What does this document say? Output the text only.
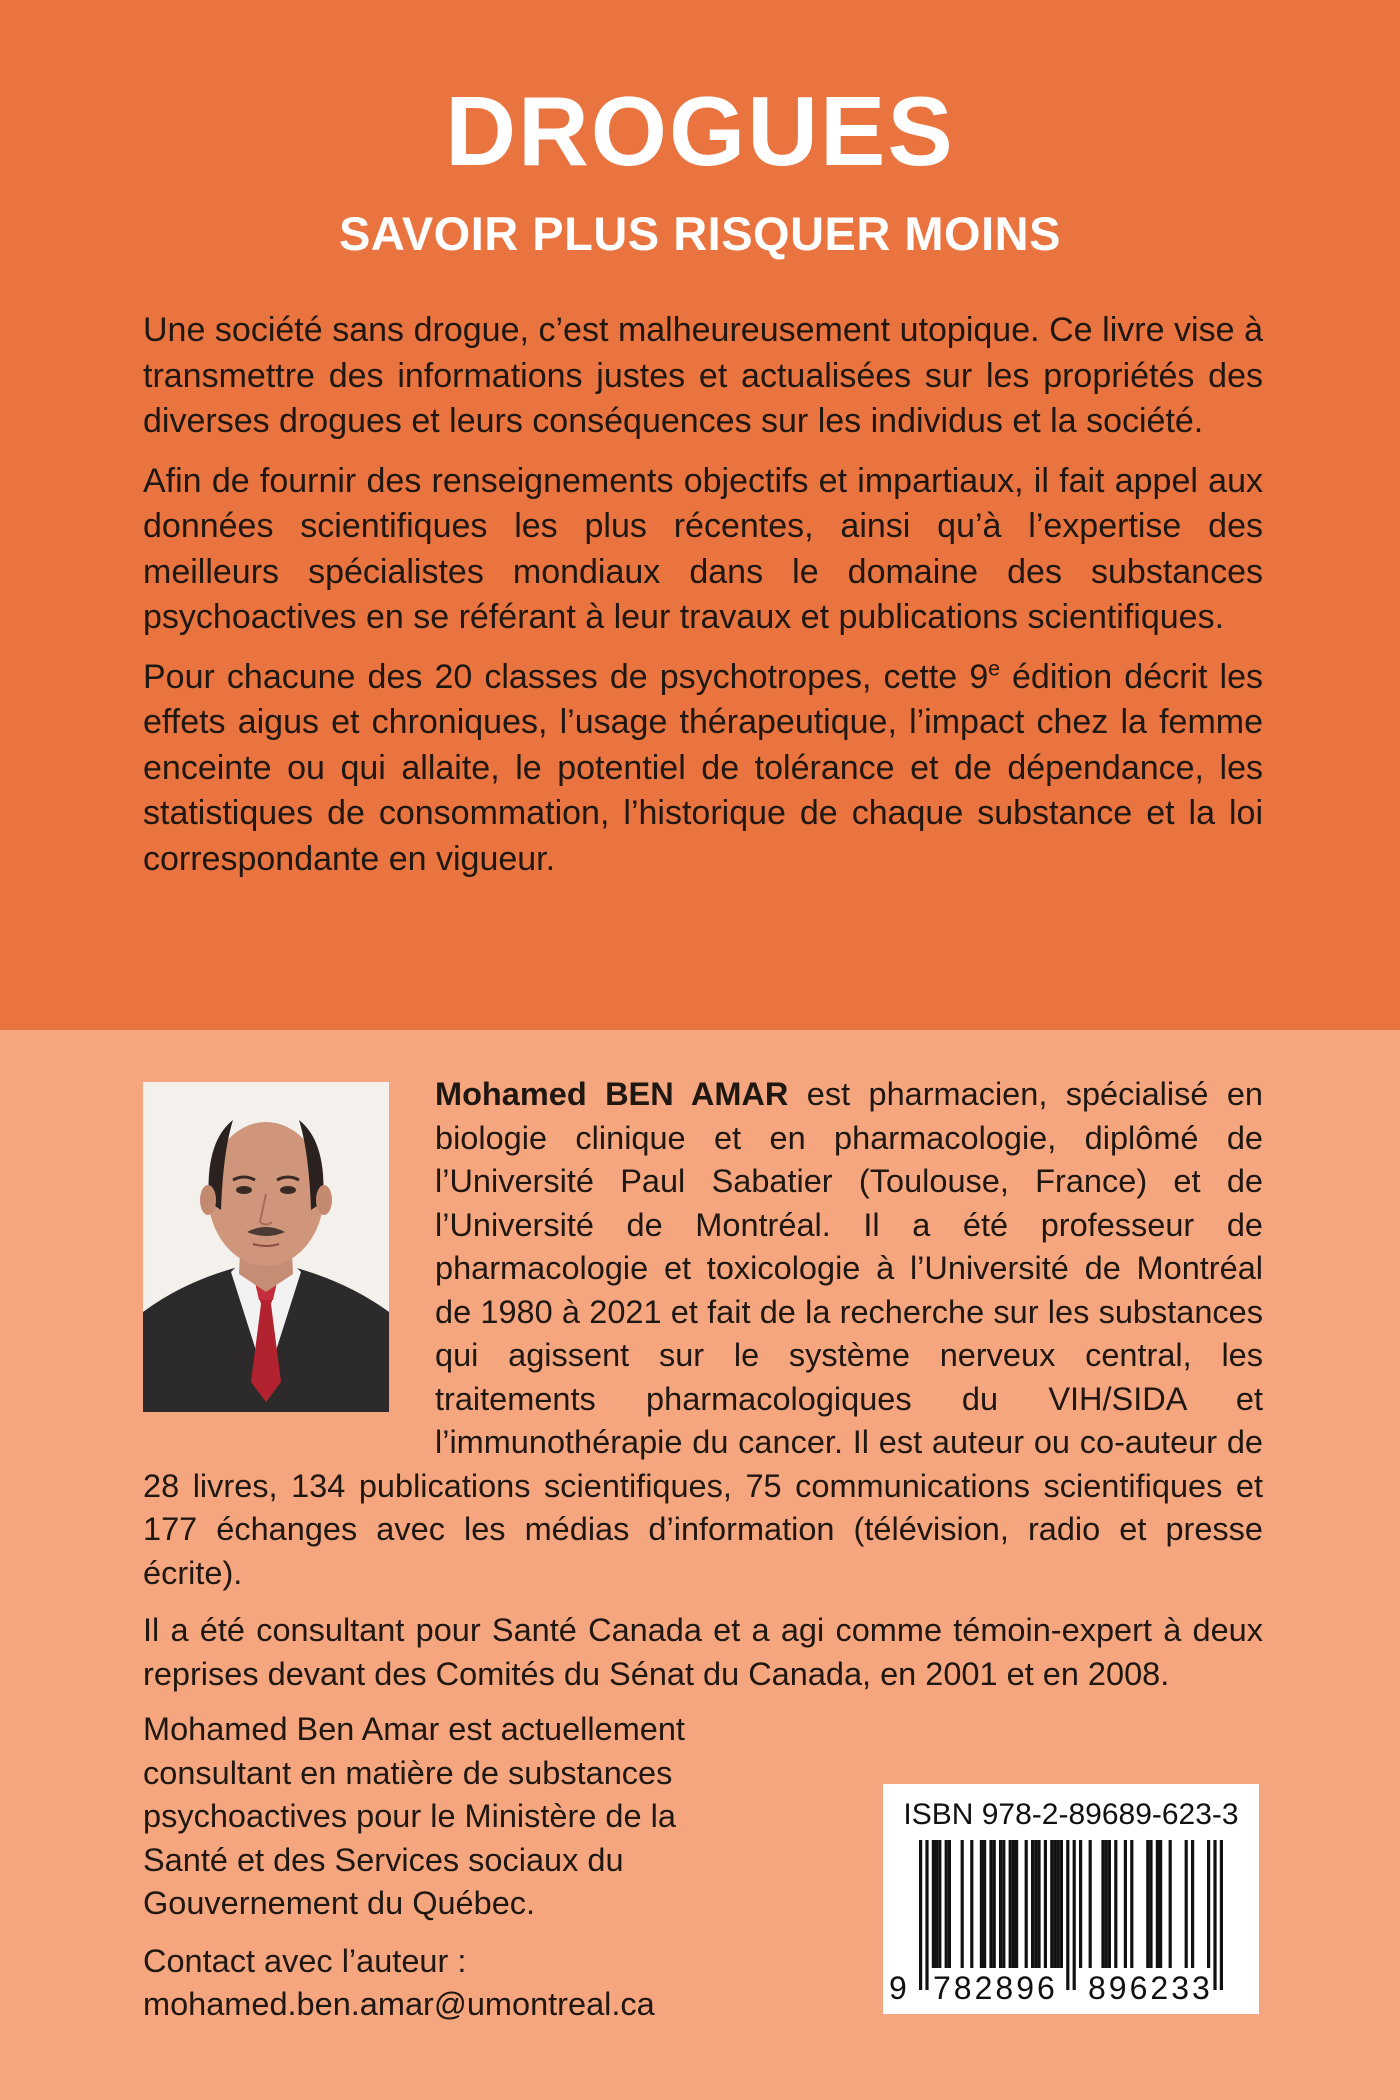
DROGUES
SAVOIR PLUS RISQUER MOINS

Une société sans drogue, c’est malheureusement utopique. Ce livre vise à transmettre des informations justes et actualisées sur les propriétés des diverses drogues et leurs conséquences sur les individus et la société.

Afin de fournir des renseignements objectifs et impartiaux, il fait appel aux données scientifiques les plus récentes, ainsi qu’à l’expertise des meilleurs spécialistes mondiaux dans le domaine des substances psychoactives en se référant à leur travaux et publications scientifiques.

Pour chacune des 20 classes de psychotropes, cette 9e édition décrit les effets aigus et chroniques, l’usage thérapeutique, l’impact chez la femme enceinte ou qui allaite, le potentiel de tolérance et de dépendance, les statistiques de consommation, l’historique de chaque substance et la loi correspondante en vigueur.

Mohamed BEN AMAR est pharmacien, spécialisé en biologie clinique et en pharmacologie, diplômé de l’Université Paul Sabatier (Toulouse, France) et de l’Université de Montréal. Il a été professeur de pharmacologie et toxicologie à l’Université de Montréal de 1980 à 2021 et fait de la recherche sur les substances qui agissent sur le système nerveux central, les traitements pharmacologiques du VIH/SIDA et l’immunothérapie du cancer. Il est auteur ou co-auteur de 28 livres, 134 publications scientifiques, 75 communications scientifiques et 177 échanges avec les médias d’information (télévision, radio et presse écrite).

Il a été consultant pour Santé Canada et a agi comme témoin-expert à deux reprises devant des Comités du Sénat du Canada, en 2001 et en 2008.

Mohamed Ben Amar est actuellement consultant en matière de substances psychoactives pour le Ministère de la Santé et des Services sociaux du Gouvernement du Québec.

Contact avec l’auteur :
mohamed.ben.amar@umontreal.ca

ISBN 978-2-89689-623-3
9 782896 896233
